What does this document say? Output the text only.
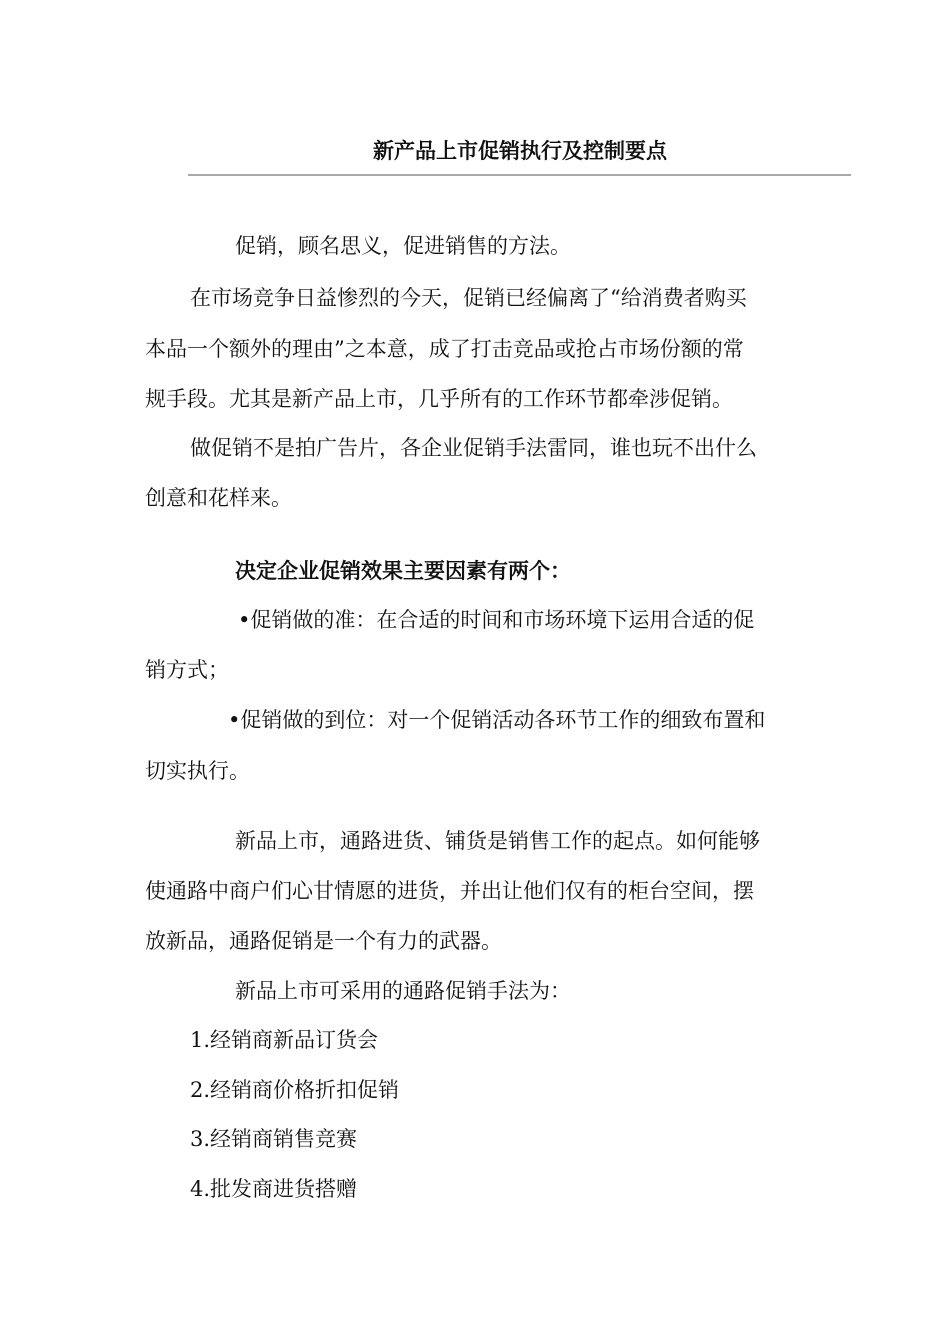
新产品上市促销执行及控制要点
促销，顾名思义，促进销售的方法。
在市场竞争日益惨烈的今天，促销已经偏离了“给消费者购买
本品一个额外的理由”之本意，成了打击竞品或抢占市场份额的常
规手段。尤其是新产品上市，几乎所有的工作环节都牵涉促销。
做促销不是拍广告片，各企业促销手法雷同，谁也玩不出什么
创意和花样来。
决定企业促销效果主要因素有两个：
•促销做的准：在合适的时间和市场环境下运用合适的促
销方式；
•促销做的到位：对一个促销活动各环节工作的细致布置和
切实执行。
新品上市，通路进货、铺货是销售工作的起点。如何能够
使通路中商户们心甘情愿的进货，并出让他们仅有的柜台空间，摆
放新品，通路促销是一个有力的武器。
新品上市可采用的通路促销手法为：
1.经销商新品订货会
2.经销商价格折扣促销
3.经销商销售竞赛
4.批发商进货搭赠
